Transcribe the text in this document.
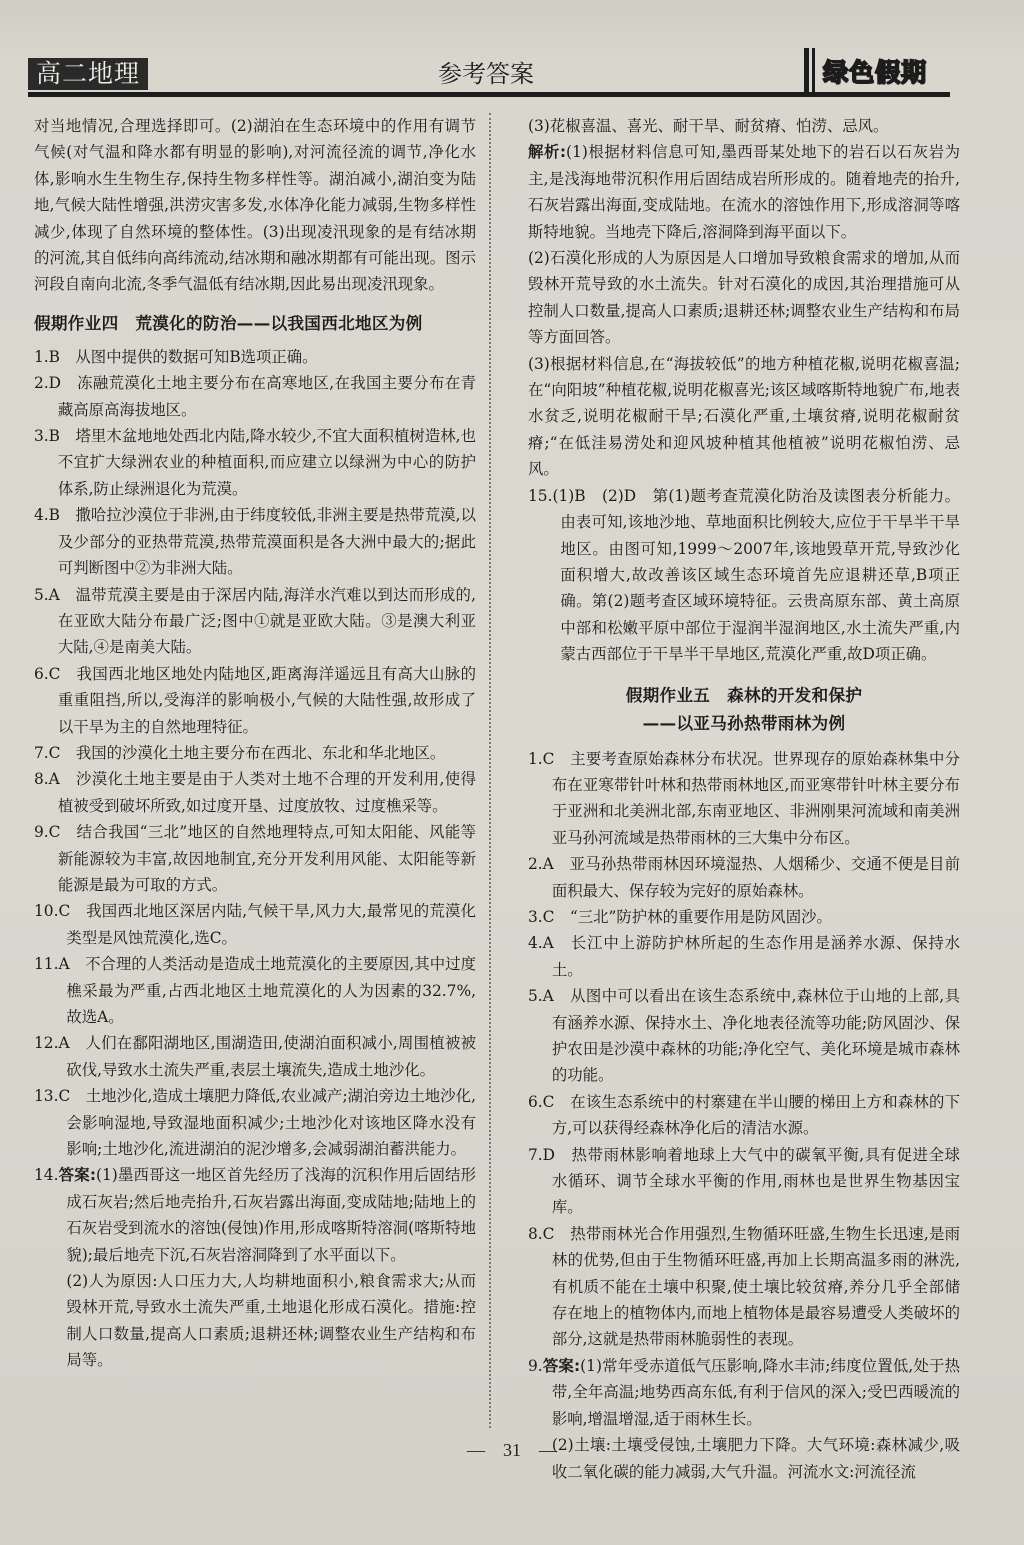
高二地理	参考答案	绿色假期

对当地情况,合理选择即可。(2)湖泊在生态环境中的作用有调节气候(对气温和降水都有明显的影响),对河流径流的调节,净化水体,影响水生生物生存,保持生物多样性等。湖泊减小,湖泊变为陆地,气候大陆性增强,洪涝灾害多发,水体净化能力减弱,生物多样性减少,体现了自然环境的整体性。(3)出现凌汛现象的是有结冰期的河流,其自低纬向高纬流动,结冰期和融冰期都有可能出现。图示河段自南向北流,冬季气温低有结冰期,因此易出现凌汛现象。

假期作业四　荒漠化的防治——以我国西北地区为例

1.B　 从图中提供的数据可知B选项正确。

2.D　 冻融荒漠化土地主要分布在高寒地区,在我国主要分布在青藏高原高海拔地区。

3.B　 塔里木盆地地处西北内陆,降水较少,不宜大面积植树造林,也不宜扩大绿洲农业的种植面积,而应建立以绿洲为中心的防护体系,防止绿洲退化为荒漠。

4.B　 撒哈拉沙漠位于非洲,由于纬度较低,非洲主要是热带荒漠,以及少部分的亚热带荒漠,热带荒漠面积是各大洲中最大的;据此可判断图中②为非洲大陆。

5.A　 温带荒漠主要是由于深居内陆,海洋水汽难以到达而形成的,在亚欧大陆分布最广泛;图中①就是亚欧大陆。③是澳大利亚大陆,④是南美大陆。

6.C　 我国西北地区地处内陆地区,距离海洋遥远且有高大山脉的重重阻挡,所以,受海洋的影响极小,气候的大陆性强,故形成了以干旱为主的自然地理特征。

7.C　 我国的沙漠化土地主要分布在西北、东北和华北地区。

8.A　 沙漠化土地主要是由于人类对土地不合理的开发利用,使得植被受到破坏所致,如过度开垦、过度放牧、过度樵采等。

9.C　 结合我国“三北”地区的自然地理特点,可知太阳能、风能等新能源较为丰富,故因地制宜,充分开发利用风能、太阳能等新能源是最为可取的方式。

10.C　 我国西北地区深居内陆,气候干旱,风力大,最常见的荒漠化类型是风蚀荒漠化,选C。

11.A　 不合理的人类活动是造成土地荒漠化的主要原因,其中过度樵采最为严重,占西北地区土地荒漠化的人为因素的32.7%,故选A。

12.A　 人们在鄱阳湖地区,围湖造田,使湖泊面积减小,周围植被被砍伐,导致水土流失严重,表层土壤流失,造成土地沙化。

13.C　 土地沙化,造成土壤肥力降低,农业减产;湖泊旁边土地沙化,会影响湿地,导致湿地面积减少;土地沙化对该地区降水没有影响;土地沙化,流进湖泊的泥沙增多,会减弱湖泊蓄洪能力。

14.答案:(1)墨西哥这一地区首先经历了浅海的沉积作用后固结形成石灰岩;然后地壳抬升,石灰岩露出海面,变成陆地;陆地上的石灰岩受到流水的溶蚀(侵蚀)作用,形成喀斯特溶洞(喀斯特地貌);最后地壳下沉,石灰岩溶洞降到了水平面以下。

(2)人为原因:人口压力大,人均耕地面积小,粮食需求大;从而毁林开荒,导致水土流失严重,土地退化形成石漠化。措施:控制人口数量,提高人口素质;退耕还林;调整农业生产结构和布局等。

(3)花椒喜温、喜光、耐干旱、耐贫瘠、怕涝、忌风。

解析:(1)根据材料信息可知,墨西哥某处地下的岩石以石灰岩为主,是浅海地带沉积作用后固结成岩所形成的。随着地壳的抬升,石灰岩露出海面,变成陆地。在流水的溶蚀作用下,形成溶洞等喀斯特地貌。当地壳下降后,溶洞降到海平面以下。

(2)石漠化形成的人为原因是人口增加导致粮食需求的增加,从而毁林开荒导致的水土流失。针对石漠化的成因,其治理措施可从控制人口数量,提高人口素质;退耕还林;调整农业生产结构和布局等方面回答。

(3)根据材料信息,在“海拔较低”的地方种植花椒,说明花椒喜温;在“向阳坡”种植花椒,说明花椒喜光;该区域喀斯特地貌广布,地表水贫乏,说明花椒耐干旱;石漠化严重,土壤贫瘠,说明花椒耐贫瘠;“在低洼易涝处和迎风坡种植其他植被”说明花椒怕涝、忌风。

15.(1)B　(2)D　第(1)题考查荒漠化防治及读图表分析能力。由表可知,该地沙地、草地面积比例较大,应位于干旱半干旱地区。由图可知,1999～2007年,该地毁草开荒,导致沙化面积增大,故改善该区域生态环境首先应退耕还草,B项正确。第(2)题考查区域环境特征。云贵高原东部、黄土高原中部和松嫩平原中部位于湿润半湿润地区,水土流失严重,内蒙古西部位于干旱半干旱地区,荒漠化严重,故D项正确。

假期作业五　森林的开发和保护
——以亚马孙热带雨林为例

1.C　 主要考查原始森林分布状况。世界现存的原始森林集中分布在亚寒带针叶林和热带雨林地区,而亚寒带针叶林主要分布于亚洲和北美洲北部,东南亚地区、非洲刚果河流域和南美洲亚马孙河流域是热带雨林的三大集中分布区。

2.A　 亚马孙热带雨林因环境湿热、人烟稀少、交通不便是目前面积最大、保存较为完好的原始森林。

3.C　 “三北”防护林的重要作用是防风固沙。

4.A　 长江中上游防护林所起的生态作用是涵养水源、保持水土。

5.A　 从图中可以看出在该生态系统中,森林位于山地的上部,具有涵养水源、保持水土、净化地表径流等功能;防风固沙、保护农田是沙漠中森林的功能;净化空气、美化环境是城市森林的功能。

6.C　 在该生态系统中的村寨建在半山腰的梯田上方和森林的下方,可以获得经森林净化后的清洁水源。

7.D　 热带雨林影响着地球上大气中的碳氧平衡,具有促进全球水循环、调节全球水平衡的作用,雨林也是世界生物基因宝库。

8.C　 热带雨林光合作用强烈,生物循环旺盛,生物生长迅速,是雨林的优势,但由于生物循环旺盛,再加上长期高温多雨的淋洗,有机质不能在土壤中积聚,使土壤比较贫瘠,养分几乎全部储存在地上的植物体内,而地上植物体是最容易遭受人类破坏的部分,这就是热带雨林脆弱性的表现。

9.答案:(1)常年受赤道低气压影响,降水丰沛;纬度位置低,处于热带,全年高温;地势西高东低,有利于信风的深入;受巴西暖流的影响,增温增湿,适于雨林生长。

(2)土壤:土壤受侵蚀,土壤肥力下降。大气环境:森林减少,吸收二氧化碳的能力减弱,大气升温。河流水文:河流径流

—　31　—
